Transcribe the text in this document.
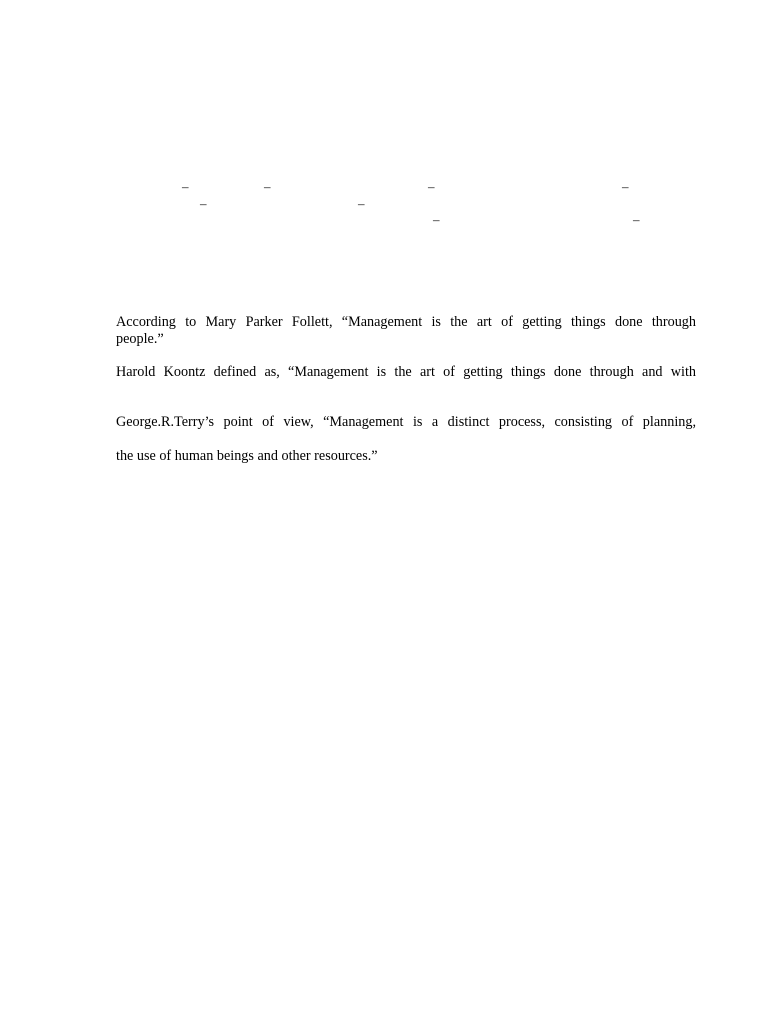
–	–	–	–
–	–
–	–
According to Mary Parker Follett, “Management is the art of getting things done through
people.”
Harold Koontz defined as, “Management is the art of getting things done through and with
George.R.Terry’s point of view, “Management is a distinct process, consisting of planning,
the use of human beings and other resources.”
